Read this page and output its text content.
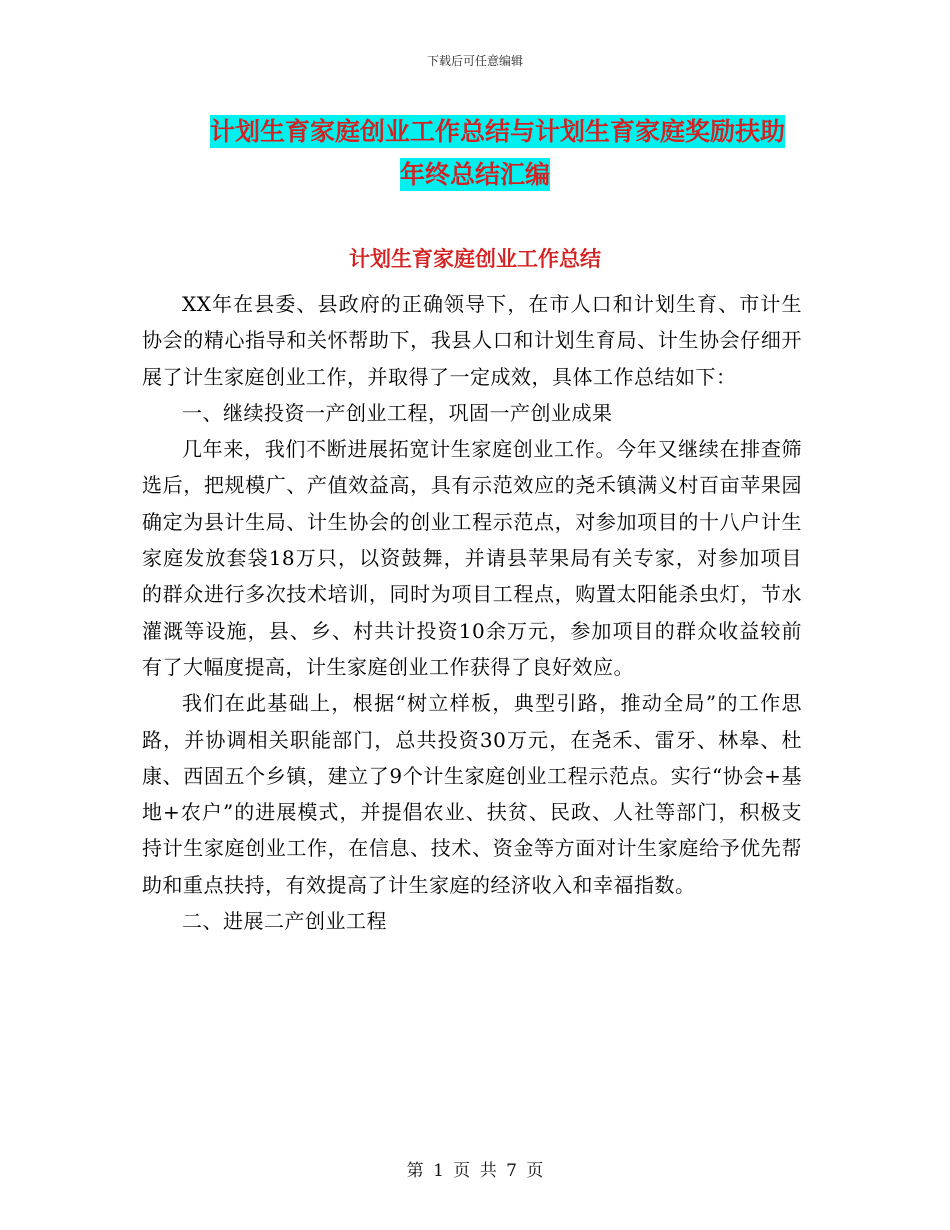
下载后可任意编辑
计划生育家庭创业工作总结与计划生育家庭奖励扶助
年终总结汇编
计划生育家庭创业工作总结

XX年在县委、县政府的正确领导下，在市人口和计划生育、市计生协会的精心指导和关怀帮助下，我县人口和计划生育局、计生协会仔细开展了计生家庭创业工作，并取得了一定成效，具体工作总结如下：

一、继续投资一产创业工程，巩固一产创业成果

几年来，我们不断进展拓宽计生家庭创业工作。今年又继续在排查筛选后，把规模广、产值效益高，具有示范效应的尧禾镇满义村百亩苹果园确定为县计生局、计生协会的创业工程示范点，对参加项目的十八户计生家庭发放套袋18万只，以资鼓舞，并请县苹果局有关专家，对参加项目的群众进行多次技术培训，同时为项目工程点，购置太阳能杀虫灯，节水灌溉等设施，县、乡、村共计投资10余万元，参加项目的群众收益较前有了大幅度提高，计生家庭创业工作获得了良好效应。

我们在此基础上，根据“树立样板，典型引路，推动全局”的工作思路，并协调相关职能部门，总共投资30万元，在尧禾、雷牙、林皋、杜康、西固五个乡镇，建立了9个计生家庭创业工程示范点。实行“协会+基地+农户”的进展模式，并提倡农业、扶贫、民政、人社等部门，积极支持计生家庭创业工作，在信息、技术、资金等方面对计生家庭给予优先帮助和重点扶持，有效提高了计生家庭的经济收入和幸福指数。

二、进展二产创业工程

第 1 页 共 7 页
